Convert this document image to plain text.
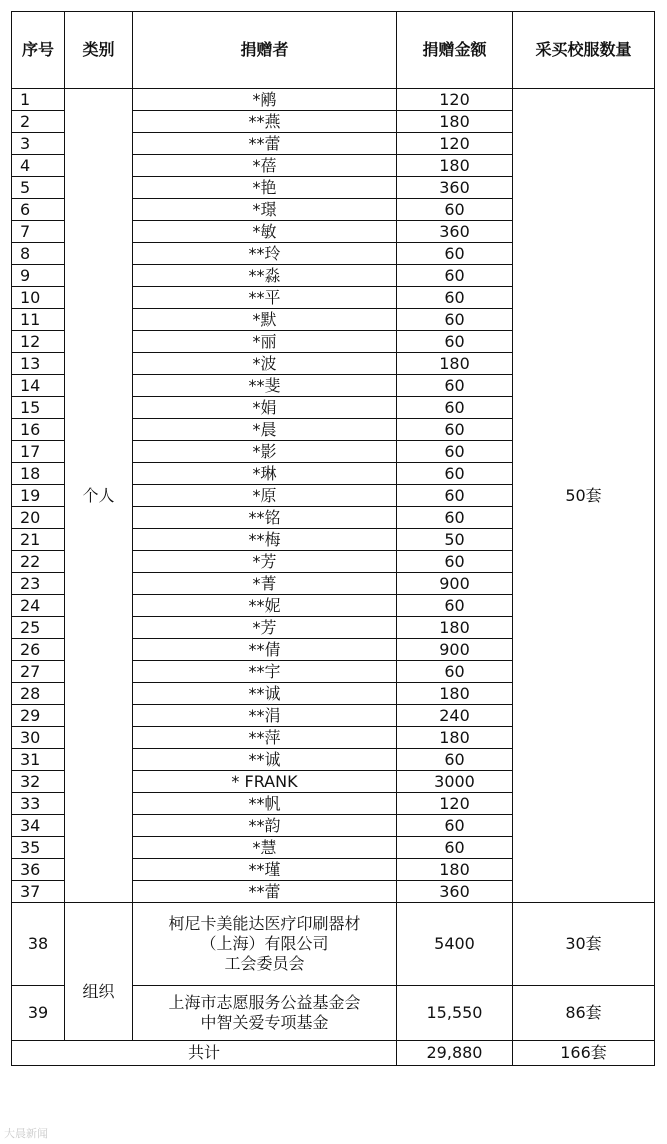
序号	类别	捐赠者	捐赠金额	采买校服数量
1	个人	*鹇	120	50套
2		**燕	180	
3		**蕾	120	
4		*蓓	180	
5		*艳	360	
6		*璟	60	
7		*敏	360	
8		**玲	60	
9		**淼	60	
10		**平	60	
11		*默	60	
12		*丽	60	
13		*波	180	
14		**斐	60	
15		*娟	60	
16		*晨	60	
17		*影	60	
18		*琳	60	
19		*原	60	
20		**铭	60	
21		**梅	50	
22		*芳	60	
23		*菁	900	
24		**妮	60	
25		*芳	180	
26		**倩	900	
27		**宇	60	
28		**诚	180	
29		**涓	240	
30		**萍	180	
31		**诚	60	
32		* FRANK	3000	
33		**帆	120	
34		**韵	60	
35		*慧	60	
36		**瑾	180	
37		**蕾	360	
38	组织	柯尼卡美能达医疗印刷器材
（上海）有限公司
工会委员会	5400	30套
39		上海市志愿服务公益基金会
中智关爱专项基金	15,550	86套
共计			29,880	166套
大晨新闻
